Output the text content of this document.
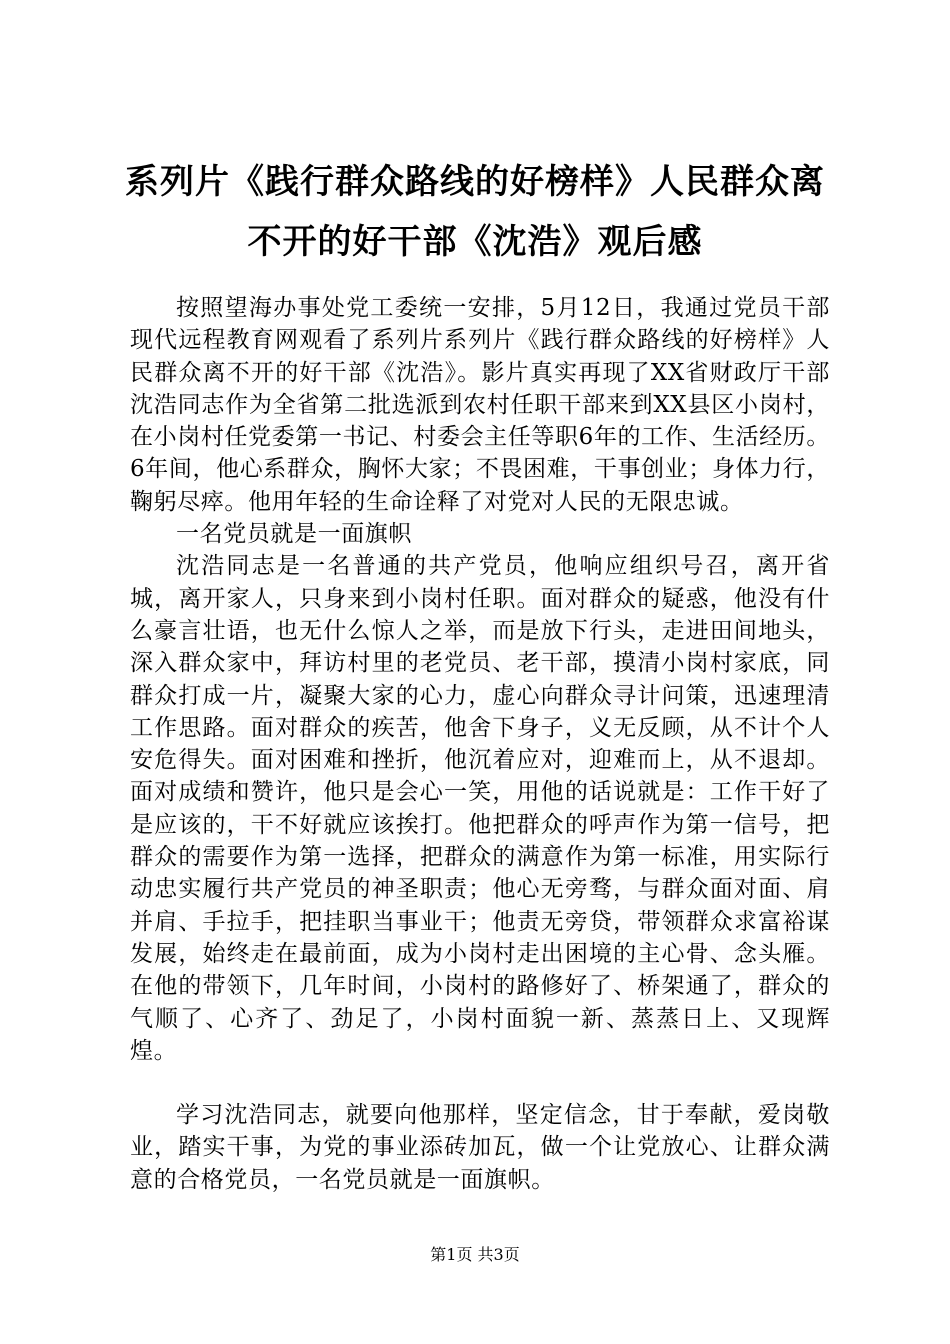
系列片《践行群众路线的好榜样》人民群众离
不开的好干部《沈浩》观后感

按照望海办事处党工委统一安排，5月12日，我通过党员干部现代远程教育网观看了系列片系列片《践行群众路线的好榜样》人民群众离不开的好干部《沈浩》。影片真实再现了XX省财政厅干部沈浩同志作为全省第二批选派到农村任职干部来到XX县区小岗村，在小岗村任党委第一书记、村委会主任等职6年的工作、生活经历。6年间，他心系群众，胸怀大家；不畏困难，干事创业；身体力行，鞠躬尽瘁。他用年轻的生命诠释了对党对人民的无限忠诚。

一名党员就是一面旗帜

沈浩同志是一名普通的共产党员，他响应组织号召，离开省城，离开家人，只身来到小岗村任职。面对群众的疑惑，他没有什么豪言壮语，也无什么惊人之举，而是放下行头，走进田间地头，深入群众家中，拜访村里的老党员、老干部，摸清小岗村家底，同群众打成一片，凝聚大家的心力，虚心向群众寻计问策，迅速理清工作思路。面对群众的疾苦，他舍下身子，义无反顾，从不计个人安危得失。面对困难和挫折，他沉着应对，迎难而上，从不退却。面对成绩和赞许，他只是会心一笑，用他的话说就是：工作干好了是应该的，干不好就应该挨打。他把群众的呼声作为第一信号，把群众的需要作为第一选择，把群众的满意作为第一标准，用实际行动忠实履行共产党员的神圣职责；他心无旁骛，与群众面对面、肩并肩、手拉手，把挂职当事业干；他责无旁贷，带领群众求富裕谋发展，始终走在最前面，成为小岗村走出困境的主心骨、念头雁。在他的带领下，几年时间，小岗村的路修好了、桥架通了，群众的气顺了、心齐了、劲足了，小岗村面貌一新、蒸蒸日上、又现辉煌。

学习沈浩同志，就要向他那样，坚定信念，甘于奉献，爱岗敬业，踏实干事，为党的事业添砖加瓦，做一个让党放心、让群众满意的合格党员，一名党员就是一面旗帜。

第1页 共3页
